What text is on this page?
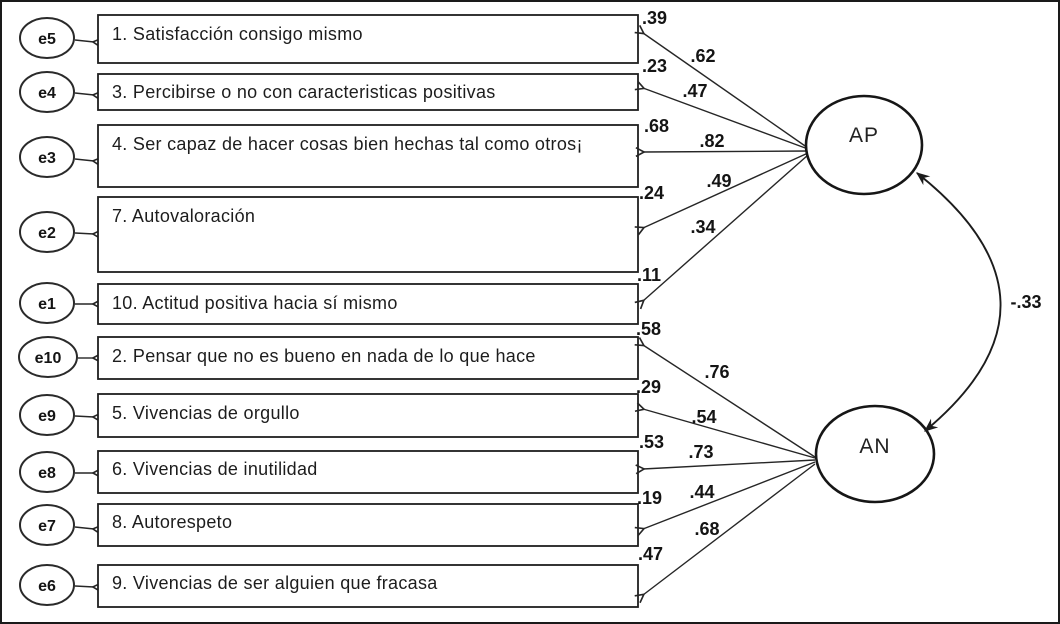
e5	1. Satisfacción consigo mismo
.39
.62
e4	3. Percibirse o no con caracteristicas positivas
.23
.47
e3
4. Ser capaz de hacer cosas bien hechas tal como otros¡
.68
.82
e2
7. Autovaloración
.24
.49
e1	10. Actitud positiva hacia sí mismo
.11
.34
e10	2. Pensar que no es bueno en nada de lo que hace
.58
.76
e9	5. Vivencias de orgullo
.29
.54
e8	6. Vivencias de inutilidad
.53 .73
e7	8. Autorespeto
.19 .44
e6	9. Vivencias de ser alguien que fracasa
.47
.68
AP
AN
-.33
